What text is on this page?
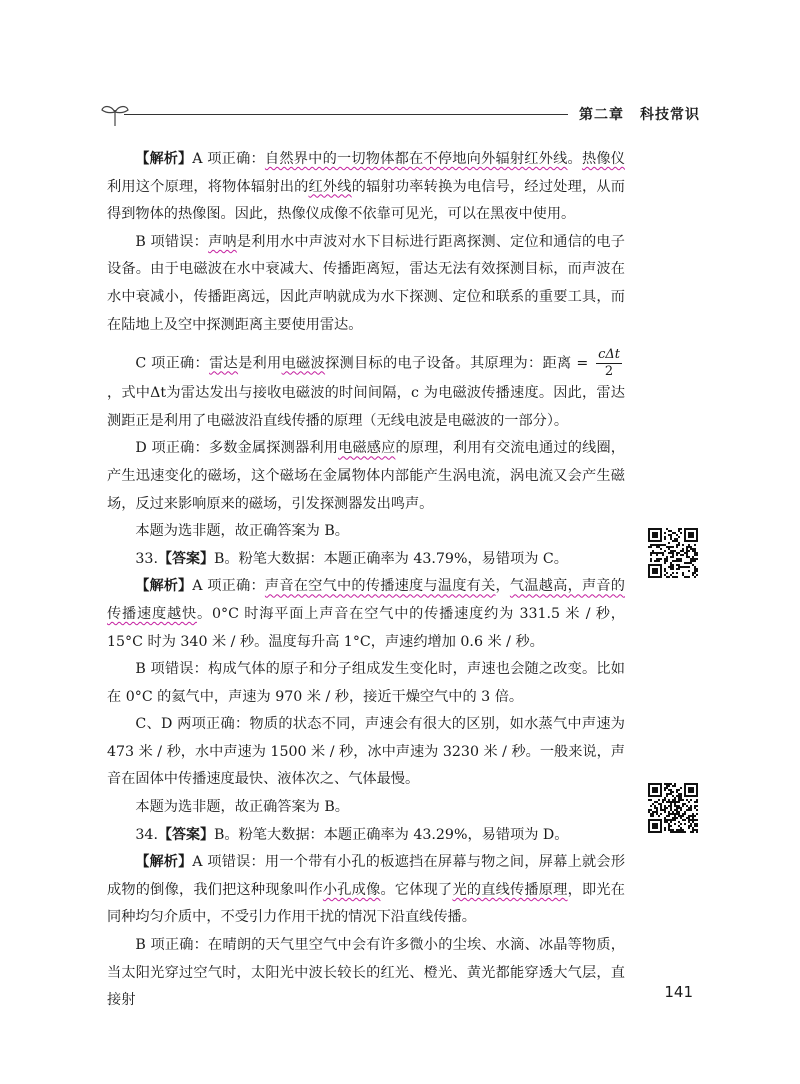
第二章 科技常识

【解析】A 项正确：自然界中的一切物体都在不停地向外辐射红外线。热像仪利用这个原理，将物体辐射出的红外线的辐射功率转换为电信号，经过处理，从而得到物体的热像图。因此，热像仪成像不依靠可见光，可以在黑夜中使用。

B 项错误：声呐是利用水中声波对水下目标进行距离探测、定位和通信的电子设备。由于电磁波在水中衰减大、传播距离短，雷达无法有效探测目标，而声波在水中衰减小，传播距离远，因此声呐就成为水下探测、定位和联系的重要工具，而在陆地上及空中探测距离主要使用雷达。

C 项正确：雷达是利用电磁波探测目标的电子设备。其原理为：距离 = $\frac{\text{cΔt}}{2}$
，式中Δt为雷达发出与接收电磁波的时间间隔，c 为电磁波传播速度。因此，雷达测距正是利用了电磁波沿直线传播的原理（无线电波是电磁波的一部分）。

D 项正确：多数金属探测器利用电磁感应的原理，利用有交流电通过的线圈，产生迅速变化的磁场，这个磁场在金属物体内部能产生涡电流，涡电流又会产生磁场，反过来影响原来的磁场，引发探测器发出鸣声。

本题为选非题，故正确答案为 B。

33.【答案】B。粉笔大数据：本题正确率为 43.79%，易错项为 C。

【解析】A 项正确：声音在空气中的传播速度与温度有关，气温越高，声音的传播速度越快。0°C 时海平面上声音在空气中的传播速度约为 331.5 米 / 秒，15°C 时为 340 米 / 秒。温度每升高 1°C，声速约增加 0.6 米 / 秒。

B 项错误：构成气体的原子和分子组成发生变化时，声速也会随之改变。比如在 0°C 的氦气中，声速为 970 米 / 秒，接近干燥空气中的 3 倍。

C、D 两项正确：物质的状态不同，声速会有很大的区别，如水蒸气中声速为 473 米 / 秒，水中声速为 1500 米 / 秒，冰中声速为 3230 米 / 秒。一般来说，声音在固体中传播速度最快、液体次之、气体最慢。

本题为选非题，故正确答案为 B。

34.【答案】B。粉笔大数据：本题正确率为 43.29%，易错项为 D。

【解析】A 项错误：用一个带有小孔的板遮挡在屏幕与物之间，屏幕上就会形成物的倒像，我们把这种现象叫作小孔成像。它体现了光的直线传播原理，即光在同种均匀介质中，不受引力作用干扰的情况下沿直线传播。

B 项正确：在晴朗的天气里空气中会有许多微小的尘埃、水滴、冰晶等物质，当太阳光穿过空气时，太阳光中波长较长的红光、橙光、黄光都能穿透大气层，直接射	141
